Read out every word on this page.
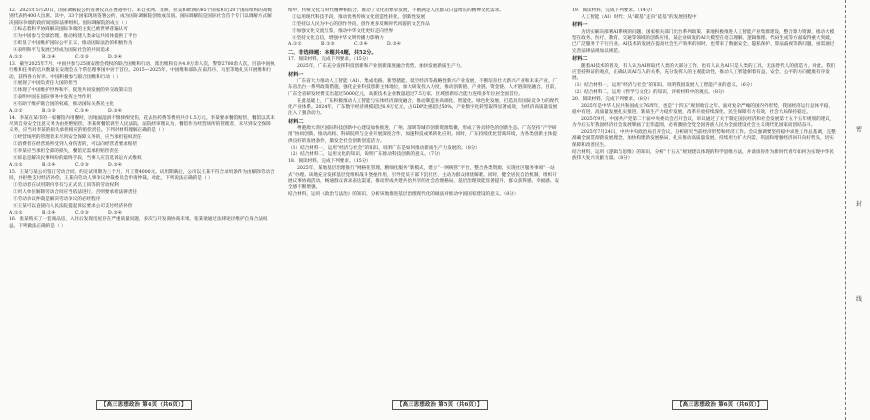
12．2025年5月20日，国际调解院公约签署仪式在香港举行。来自亚洲、非洲、拉美和欧洲的85个国家和近20个国际组织的高级别代表约400人出席。其中，33个国家现场签署公约，成为国际调解院创始成员国。国际调解院是国际社会首个专门以调解方式解决国际争端的政府间国际法律组织。国际调解院的成立（ ）

①标志着和平协商解决国际争端的主张已被世界普遍认可

②为中国参与全球治理、推动构建人类命运共同体提供了平台

③彰显了中国维护国际公平正义、推动国际法治的积极作为

④表明和平与发展已经成为国际社会的共同追求

A.①②　　　　B.①④　　　　C.②③　　　　D.③④

13．截至2025年7月，中国共参与25项安理会授权的联合国维和行动，派出维和官兵4.9万余人次，警察2700余人次。目前中国执行维和任务的官兵数量在安理会五个常任理事国中居于首位。2015—2025年，中国维和部队在南苏丹、马里等地扎实开展维和行动，获得各方好评。中国积极参与联合国维和行动（ ）

①展现了中国负责任大国的担当

②体现了中国维护世界和平、促进共同发展的外交政策宗旨

③表明中国在国际事务中发挥主导作用

④有助于维护联合国的权威，推动国际关系民主化

A.①②　　　　B.①③　　　　C.②④　　　　D.③④

14．李某在某市的一家餐馆内用餐时，因地面湿滑不慎摔倒受伤，花去医药费等费用共计1.5万元。李某要求餐馆赔偿，餐馆以其未尽到自身安全注意义务为由拒绝赔偿。李某将餐馆诉至人民法院。法院经审理认为，餐馆作为经营场所的管理者，未尽到安全保障义务，应当对李某的损失承担相应的赔偿责任。下列对材料理解正确的是（ ）

①经营场所的管理者未尽到安全保障义务的，应当承担侵权责任

②消费者在经营场所受到人身伤害的，可以向经营者要求赔偿

③李某应当承担全部的损失，餐馆无需承担赔偿责任

④诉讼是解决民事纠纷的最终手段，当事人应首选诉讼方式维权

A.①②　　　　B.①④　　　　C.②③　　　　D.③④

15．王某与某公司签订劳动合同，约定试用期为三个月，月工资4000元。试用期满后，公司以王某不符合录用条件为由解除劳动合同，并拒绝支付经济补偿。王某向劳动人事争议仲裁委员会申请仲裁。对此，下列说法正确的是（ ）

①劳动者在试用期内享有与正式员工同等的劳动权利

②用人单位解除劳动合同应当依法进行，否则要承担法律责任

③劳动争议仲裁是解决劳动争议的必经程序

④王某可以直接向人民法院提起诉讼要求公司支付经济补偿

A.①②　　　　B.①④　　　　C.②③　　　　D.③④

16．张某购买了一套商品房，入住后发现房屋存在严重质量问题，多次与开发商协商未果。张某欲通过法律途径维护自身合法权益。下列做法正确的是（ ）

续中，传统文化与时代精神相结合，推动了文化的繁荣发展，不断满足人民群众日益增长的精神文化需求。

①运用现代科技手段，推动优秀传统文化创造性转化、创新性发展

②坚持以人民为中心的创作导向，创作更多反映时代风貌的文艺作品

③加强文化交流互鉴，推动中华文化更好走向世界

④坚持文化自信，增强中华文明传播力影响力

A.①②　　　　B.①③　　　　C.②④　　　　D.③④

二、非选择题：本题共4题，共52分。

17．阅读材料，完成下列要求。（15分）

2025年，广东充分发挥科技创新和产业创新深度融合优势，加快发展新质生产力。

材料一

广东省大力推动人工智能（AI）、集成电路、新型储能、低空经济等战略性新兴产业发展，不断培育壮大新兴产业和未来产业。广东省出台一系列政策措施，强化企业科技创新主体地位，加大研发投入力度，推动创新链、产业链、资金链、人才链深度融合。目前，广东全省研发经费支出超过5000亿元，高新技术企业数量超过7.5万家，区域创新综合能力连续多年位居全国首位。

在此基础上，广东积极推动人工智能与实体经济深度融合，推动制造业高端化、智能化、绿色化发展，打造具有国际竞争力的现代化产业体系。2024年，广东数字经济规模超过6.9万亿元，占GDP比重超过50%，产业数字化转型取得显著成效，为经济高质量发展注入了强劲动力。

材料二

粤港澳大湾区国际科技创新中心建设加快推进，广州、深圳等城市创新资源集聚，形成了各具特色的创新生态。广东坚持“产学研用”协同创新，推动高校、科研院所与企业开展深度合作，加速科技成果转化应用。同时，广东持续优化营商环境，为各类创新主体提供良好的发展条件，激发全社会创新创造活力。

（1）结合材料一，运用“经济与社会”的知识，说明广东是如何推动新质生产力发展的。（8分）

（2）结合材料二，运用文化的知识，说明广东推动科技创新的意义。（7分）

18．阅读材料，完成下列要求。（15分）

2025年，某地基层治理推行“网格化管理、精细化服务”新模式，建立“一网统管”平台，整合各类资源，实现社区服务事项“一站式”办理。该地充分发挥基层党组织战斗堡垒作用，引导党员干部下沉社区，主动为群众排忧解难。同时，健全居民自治机制，组织开展议事协商活动，畅通群众诉求表达渠道，推动形成共建共治共享的社会治理格局，基层治理效能显著提升，群众获得感、幸福感、安全感不断增强。

结合材料，运用《政治与法治》的知识，分析该地推进基层治理现代化的做法对推动中国国家建设的意义。（8分）

19．阅读材料，完成下列要求。（14分）

人工智能（AI）时代：从“碳基”走向“硅基”的发展进程中

材料一

为切实解决部署AI系统的问题，国家相关部门出台系列政策，某地积极推进人工智能产业集群建设，整合算力资源，推动大模型在政务、医疗、教育、交通等领域的创新应用。某企业研发的AI大模型在语言理解、逻辑推理、代码生成等方面取得重大突破，已广泛服务于千行百业。AI技术的发展在提高社会生产效率的同时，也带来了数据安全、隐私保护、算法歧视等新问题，亟需通过完善法律法规加以规范。

材料二

随着AI技术的普及，有人认为AI将取代人类的大部分工作，也有人认为AI只是人类的工具，无法替代人的创造力。对此，我们应坚持辩证的观点，正确认识AI与人的关系，充分发挥人的主观能动性，推动人工智能朝着有益、安全、公平的方向健康有序发展。

（1）结合材料一，运用“经济与社会”的知识，说明我国发展人工智能产业的意义。（6分）

（2）结合材料二，运用《哲学与文化》的知识，评析材料中的观点。（8分）

20．阅读材料，完成下列要求。（8分）

2025年是中华人民共和国成立76周年，也是“十四五”规划收官之年。面对复杂严峻的国内外形势，我国经济运行总体平稳、稳中有进，高质量发展扎实推进，新质生产力稳步发展，改革开放持续深化，民生保障有力有效，社会大局保持稳定。

2025年9月，中国共产党第二十届中央委员会召开会议，审议通过了关于制定国民经济和社会发展第十五个五年规划的建议，为今后五年我国经济社会发展擘画了宏伟蓝图，必将激励全党全国各族人民为全面建设社会主义现代化国家而团结奋斗。

2025年7月24日，中共中央政治局召开会议，分析研究当前经济形势和经济工作。会议强调要坚持稳中求进工作总基调，完整准确全面贯彻新发展理念，加快构建新发展格局，扎实推动高质量发展，持续用力扩大内需，巩固和增强经济回升向好势头，切实保障和改善民生。

结合材料，运用《逻辑与思维》的知识，分析“十五五”规划建议体现的科学思维方法，并谈谈你作为新时代青年如何为实现中华民族伟大复兴贡献力量。（8分）

【高三思想政治 第4页（共6页）】	【高三思想政治 第5页（共6页）】	【高三思想政治 第6页（共6页）】
密
封
线
